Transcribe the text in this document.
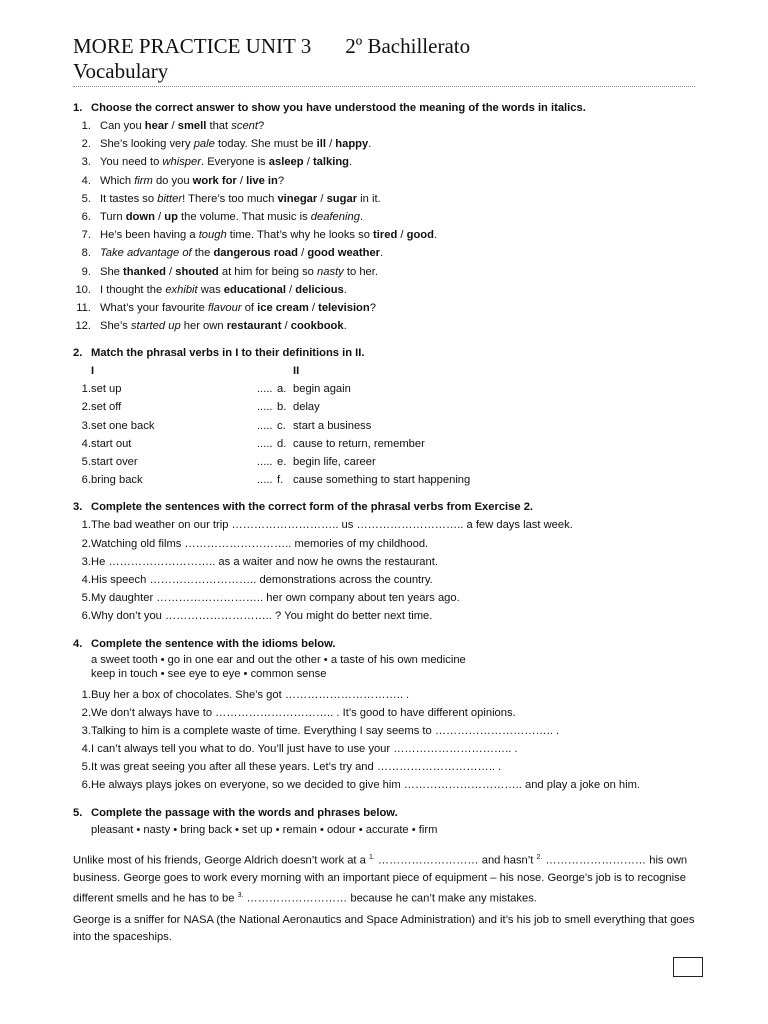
MORE PRACTICE UNIT 3 2º Bachillerato
Vocabulary
1. Choose the correct answer to show you have understood the meaning of the words in italics.
1. Can you hear / smell that scent?
2. She’s looking very pale today. She must be ill / happy.
3. You need to whisper. Everyone is asleep / talking.
4. Which firm do you work for / live in?
5. It tastes so bitter! There’s too much vinegar / sugar in it.
6. Turn down / up the volume. That music is deafening.
7. He’s been having a tough time. That’s why he looks so tired / good.
8. Take advantage of the dangerous road / good weather.
9. She thanked / shouted at him for being so nasty to her.
10. I thought the exhibit was educational / delicious.
11. What’s your favourite flavour of ice cream / television?
12. She’s started up her own restaurant / cookbook.
2. Match the phrasal verbs in I to their definitions in II.
I	II
1. set up	..... a. begin again
2. set off	..... b. delay
3. set one back	..... c. start a business
4. start out	..... d. cause to return, remember
5. start over	..... e. begin life, career
6. bring back	..... f. cause something to start happening
3. Complete the sentences with the correct form of the phrasal verbs from Exercise 2.
1. The bad weather on our trip ……………………….. us ……………………….. a few days last week.
2. Watching old films ……………………….. memories of my childhood.
3. He ……………………….. as a waiter and now he owns the restaurant.
4. His speech ……………………….. demonstrations across the country.
5. My daughter ……………………….. her own company about ten years ago.
6. Why don’t you ……………………….. ? You might do better next time.
4. Complete the sentence with the idioms below.
a sweet tooth • go in one ear and out the other • a taste of his own medicine
keep in touch • see eye to eye • common sense
1. Buy her a box of chocolates. She’s got ………………………….. .
2. We don’t always have to ………………………….. . It’s good to have different opinions.
3. Talking to him is a complete waste of time. Everything I say seems to ………………………….. .
4. I can’t always tell you what to do. You’ll just have to use your ………………………….. .
5. It was great seeing you after all these years. Let’s try and ………………………….. .
6. He always plays jokes on everyone, so we decided to give him ………………………….. and play a joke on him.
5. Complete the passage with the words and phrases below.
pleasant • nasty • bring back • set up • remain • odour • accurate • firm
Unlike most of his friends, George Aldrich doesn’t work at a $^{1.}$ ……………………… and hasn’t $^{2.}$ ……………………… his own business. George goes to work every morning with an important piece of equipment – his nose. George’s job is to recognise different smells and he has to be $^{3.}$ ……………………… because he can’t make any mistakes.
George is a sniffer for NASA (the National Aeronautics and Space Administration) and it’s his job to smell everything that goes into the spaceships.
